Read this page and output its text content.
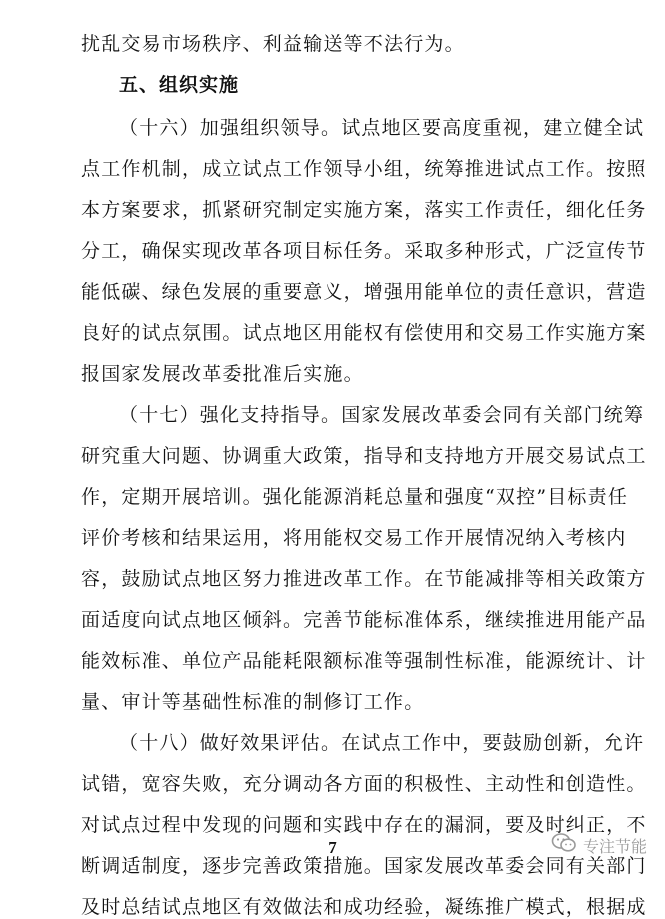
扰乱交易市场秩序、利益输送等不法行为。
五、组织实施
（十六）加强组织领导。试点地区要高度重视，建立健全试
点工作机制，成立试点工作领导小组，统筹推进试点工作。按照
本方案要求，抓紧研究制定实施方案，落实工作责任，细化任务
分工，确保实现改革各项目标任务。采取多种形式，广泛宣传节
能低碳、绿色发展的重要意义，增强用能单位的责任意识，营造
良好的试点氛围。试点地区用能权有偿使用和交易工作实施方案
报国家发展改革委批准后实施。
（十七）强化支持指导。国家发展改革委会同有关部门统筹
研究重大问题、协调重大政策，指导和支持地方开展交易试点工
作，定期开展培训。强化能源消耗总量和强度“双控”目标责任
评价考核和结果运用，将用能权交易工作开展情况纳入考核内
容，鼓励试点地区努力推进改革工作。在节能减排等相关政策方
面适度向试点地区倾斜。完善节能标准体系，继续推进用能产品
能效标准、单位产品能耗限额标准等强制性标准，能源统计、计
量、审计等基础性标准的制修订工作。
（十八）做好效果评估。在试点工作中，要鼓励创新，允许
试错，宽容失败，充分调动各方面的积极性、主动性和创造性。
对试点过程中发现的问题和实践中存在的漏洞，要及时纠正，不
断调适制度，逐步完善政策措施。国家发展改革委会同有关部门
及时总结试点地区有效做法和成功经验，凝练推广模式，根据成
7	专注节能
